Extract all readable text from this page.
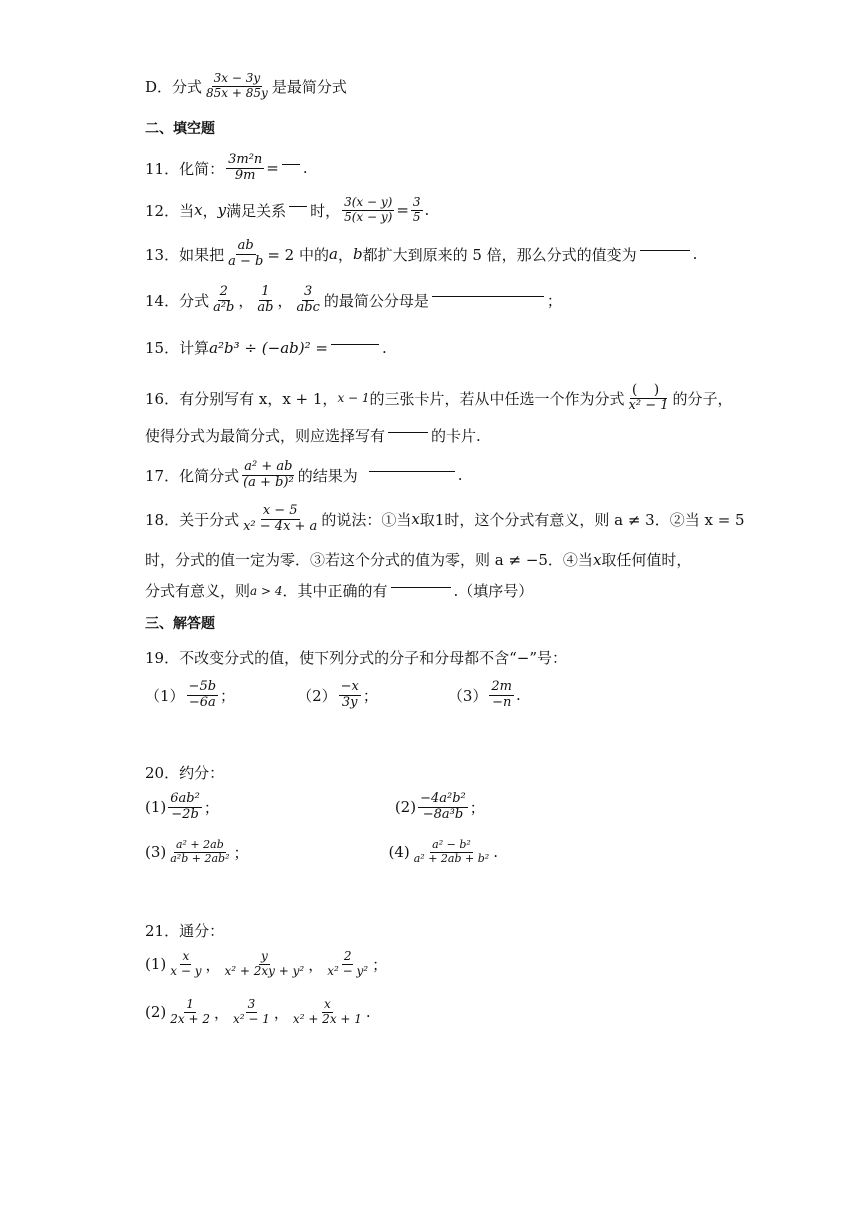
D．分式 $\frac{3x - 3y}{85x + 85y}$ 是最简分式
二、填空题
11．化简： $\frac{\text{3m²n}}{9m}$ = .
12．当 x ， y 满足关系 时， $\frac{3(x - y)}{5(x - y)} = \frac{3}{5}$ .
13．如果把 $\frac{ab}{a - b} = 2$ 中的 a ， b 都扩大到原来的 5 倍，那么分式的值变为	.
14．分式 $\frac{2}{\text{a²b}}$ ， $\frac{1}{ab}$ ， $\frac{3}{\text{abc}}$ 的最简公分母是	；
15．计算 a²b³ ÷ (−ab)² =	.
16．有分别写有 x，x + 1， x − 1 的三张卡片，若从中任选一个作为分式 $\frac{( )}{\text{x² − 1}}$ 的分子，
使得分式为最简分式，则应选择写有	的卡片.
17．化简分式 $\frac{\text{a² + ab}}{\text{(a + b)²}}$ 的结果为	.
18．关于分式 $\frac{x - 5}{\text{x² − 4x + a}}$ 的说法：①当 x 取1时，这个分式有意义，则 a ≠ 3．②当 x = 5
时，分式的值一定为零．③若这个分式的值为零，则 a ≠ −5．④当 x 取任何值时，
分式有意义，则 a > 4 ．其中正确的有	.（填序号）
三、解答题
19．不改变分式的值，使下列分式的分子和分母都不含“−”号：
$(1) \frac{-5b}{-6a}$ ；	$(2) \frac{-x}{3y}$ ；	$(3) \frac{2m}{-n}$ .
20．约分：
$(1) \frac{\text{6ab²}}{-2b}$ ；	$(2) \frac{\text{−4a²b²}}{\text{−8a³b}}$ ；
$(3) \frac{\text{a² + 2ab}}{\text{a²b + 2ab²}}$ ；	$(4) \frac{\text{a² − b²}}{\text{a² + 2ab + b²}}$ .
21．通分：
$(1) \frac{x}{x - y}$ ， $\frac{y}{\text{x² + 2xy + y²}}$ ， $\frac{2}{\text{x² − y²}}$ ；
$(2) \frac{1}{2x + 2}$ ， $\frac{3}{\text{x² − 1}}$ ， $\frac{x}{\text{x² + 2x + 1}}$ .
